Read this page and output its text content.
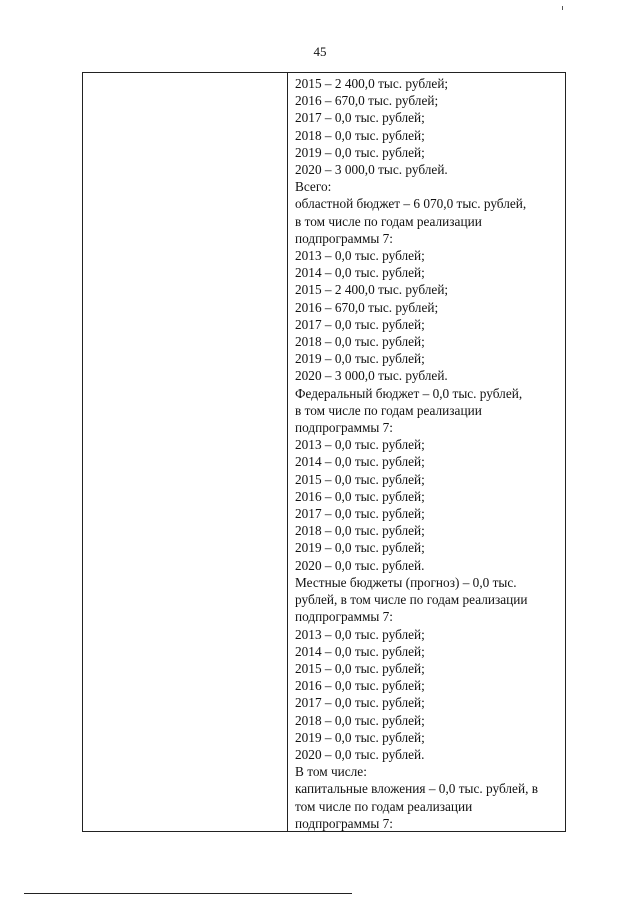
45
2015 – 2 400,0 тыс. рублей;
2016 – 670,0 тыс. рублей;
2017 – 0,0 тыс. рублей;
2018 – 0,0 тыс. рублей;
2019 – 0,0 тыс. рублей;
2020 – 3 000,0 тыс. рублей.
Всего:
областной бюджет – 6 070,0 тыс. рублей,
в том числе по годам реализации
подпрограммы 7:
2013 – 0,0 тыс. рублей;
2014 – 0,0 тыс. рублей;
2015 – 2 400,0 тыс. рублей;
2016 – 670,0 тыс. рублей;
2017 – 0,0 тыс. рублей;
2018 – 0,0 тыс. рублей;
2019 – 0,0 тыс. рублей;
2020 – 3 000,0 тыс. рублей.
Федеральный бюджет – 0,0 тыс. рублей,
в том числе по годам реализации
подпрограммы 7:
2013 – 0,0 тыс. рублей;
2014 – 0,0 тыс. рублей;
2015 – 0,0 тыс. рублей;
2016 – 0,0 тыс. рублей;
2017 – 0,0 тыс. рублей;
2018 – 0,0 тыс. рублей;
2019 – 0,0 тыс. рублей;
2020 – 0,0 тыс. рублей.
Местные бюджеты (прогноз) – 0,0 тыс.
рублей, в том числе по годам реализации
подпрограммы 7:
2013 – 0,0 тыс. рублей;
2014 – 0,0 тыс. рублей;
2015 – 0,0 тыс. рублей;
2016 – 0,0 тыс. рублей;
2017 – 0,0 тыс. рублей;
2018 – 0,0 тыс. рублей;
2019 – 0,0 тыс. рублей;
2020 – 0,0 тыс. рублей.
В том числе:
капитальные вложения – 0,0 тыс. рублей, в
том числе по годам реализации
подпрограммы 7:
